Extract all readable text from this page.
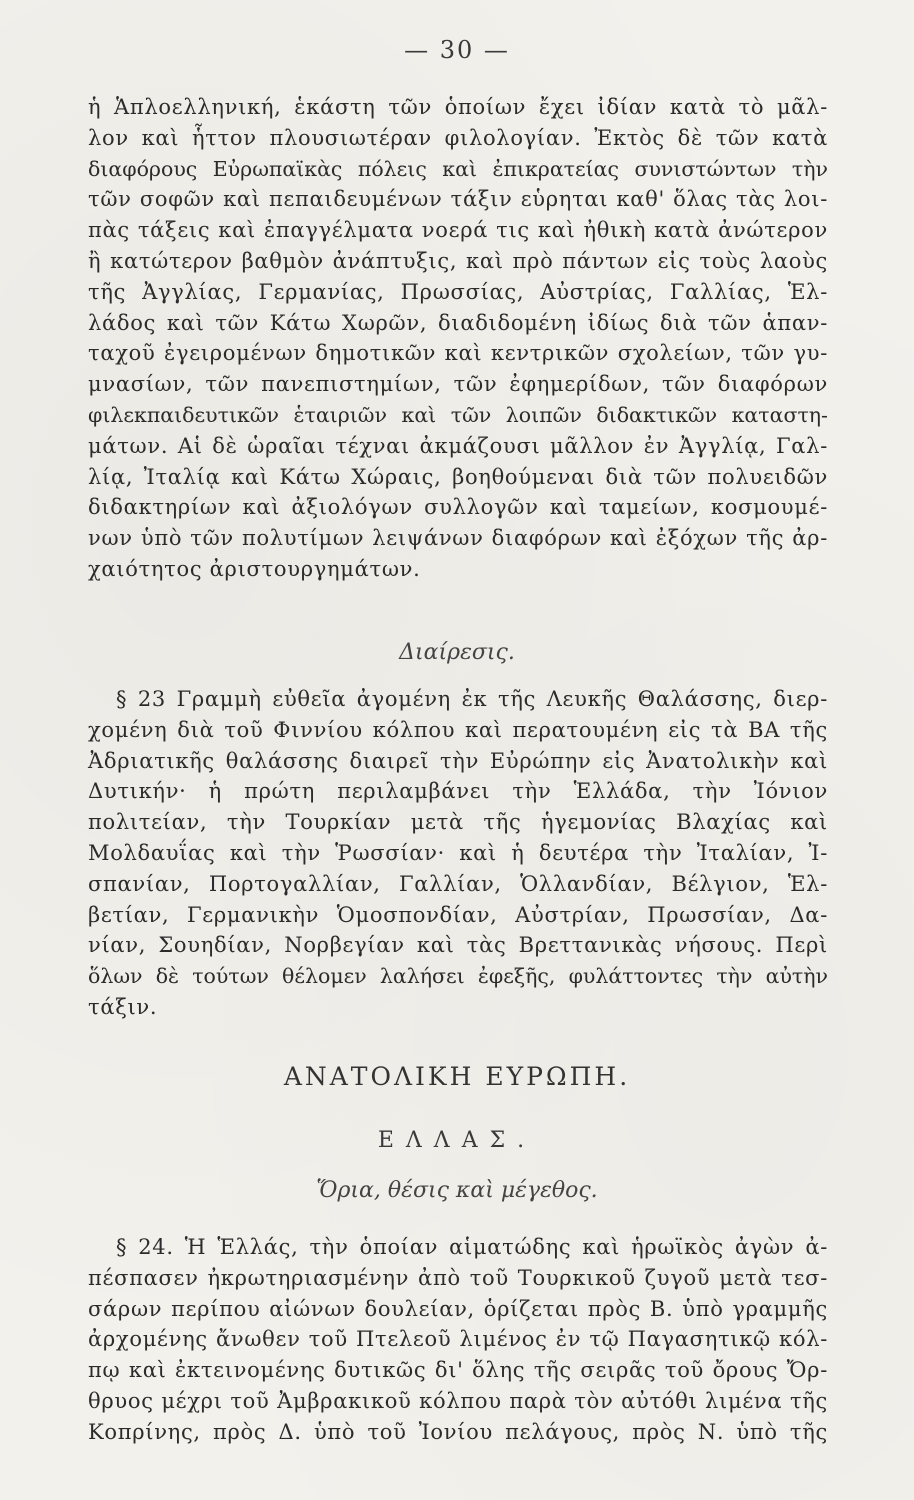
— 30 —
ἡ Ἁπλοελληνική, ἑκάστη τῶν ὁποίων ἔχει ἰδίαν κατὰ τὸ μᾶλ-
λον καὶ ἧττον πλουσιωτέραν φιλολογίαν. Ἐκτὸς δὲ τῶν κατὰ
διαφόρους Εὐρωπαϊκὰς πόλεις καὶ ἐπικρατείας συνιστώντων τὴν
τῶν σοφῶν καὶ πεπαιδευμένων τάξιν εὑρηται καθ' ὅλας τὰς λοι-
πὰς τάξεις καὶ ἐπαγγέλματα νοερά τις καὶ ἠθικὴ κατὰ ἀνώτερον
ἢ κατώτερον βαθμὸν ἀνάπτυξις, καὶ πρὸ πάντων εἰς τοὺς λαοὺς
τῆς Ἀγγλίας, Γερμανίας, Πρωσσίας, Αὐστρίας, Γαλλίας, Ἑλ-
λάδος καὶ τῶν Κάτω Χωρῶν, διαδιδομένη ἰδίως διὰ τῶν ἁπαν-
ταχοῦ ἐγειρομένων δημοτικῶν καὶ κεντρικῶν σχολείων, τῶν γυ-
μνασίων, τῶν πανεπιστημίων, τῶν ἐφημερίδων, τῶν διαφόρων
φιλεκπαιδευτικῶν ἑταιριῶν καὶ τῶν λοιπῶν διδακτικῶν καταστη-
μάτων. Αἱ δὲ ὡραῖαι τέχναι ἀκμάζουσι μᾶλλον ἐν Ἀγγλίᾳ, Γαλ-
λίᾳ, Ἰταλίᾳ καὶ Κάτω Χώραις, βοηθούμεναι διὰ τῶν πολυειδῶν
διδακτηρίων καὶ ἀξιολόγων συλλογῶν καὶ ταμείων, κοσμουμέ-
νων ὑπὸ τῶν πολυτίμων λειψάνων διαφόρων καὶ ἐξόχων τῆς ἀρ-
χαιότητος ἀριστουργημάτων.
Διαίρεσις.
§ 23 Γραμμὴ εὐθεῖα ἀγομένη ἐκ τῆς Λευκῆς Θαλάσσης, διερ-
χομένη διὰ τοῦ Φιννίου κόλπου καὶ περατουμένη εἰς τὰ ΒΑ τῆς
Ἀδριατικῆς θαλάσσης διαιρεῖ τὴν Εὐρώπην εἰς Ἀνατολικὴν καὶ
Δυτικήν· ἡ πρώτη περιλαμβάνει τὴν Ἑλλάδα, τὴν Ἰόνιον
πολιτείαν, τὴν Τουρκίαν μετὰ τῆς ἡγεμονίας Βλαχίας καὶ
Μολδαυΐας καὶ τὴν Ῥωσσίαν· καὶ ἡ δευτέρα τὴν Ἰταλίαν, Ἰ-
σπανίαν, Πορτογαλλίαν, Γαλλίαν, Ὁλλανδίαν, Βέλγιον, Ἑλ-
βετίαν, Γερμανικὴν Ὁμοσπονδίαν, Αὐστρίαν, Πρωσσίαν, Δα-
νίαν, Σουηδίαν, Νορβεγίαν καὶ τὰς Βρεττανικὰς νήσους. Περὶ
ὅλων δὲ τούτων θέλομεν λαλήσει ἐφεξῆς, φυλάττοντες τὴν αὐτὴν
τάξιν.
ΑΝΑΤΟΛΙΚΗ ΕΥΡΩΠΗ.
ΕΛΛΑΣ.
Ὅρια, θέσις καὶ μέγεθος.
§ 24. Ἡ Ἑλλάς, τὴν ὁποίαν αἱματώδης καὶ ἡρωϊκὸς ἀγὼν ἀ-
πέσπασεν ἠκρωτηριασμένην ἀπὸ τοῦ Τουρκικοῦ ζυγοῦ μετὰ τεσ-
σάρων περίπου αἰώνων δουλείαν, ὁρίζεται πρὸς Β. ὑπὸ γραμμῆς
ἀρχομένης ἄνωθεν τοῦ Πτελεοῦ λιμένος ἐν τῷ Παγασητικῷ κόλ-
πῳ καὶ ἐκτεινομένης δυτικῶς δι' ὅλης τῆς σειρᾶς τοῦ ὄρους Ὄρ-
θρυος μέχρι τοῦ Ἀμβρακικοῦ κόλπου παρὰ τὸν αὐτόθι λιμένα τῆς
Κοπρίνης, πρὸς Δ. ὑπὸ τοῦ Ἰονίου πελάγους, πρὸς Ν. ὑπὸ τῆς
